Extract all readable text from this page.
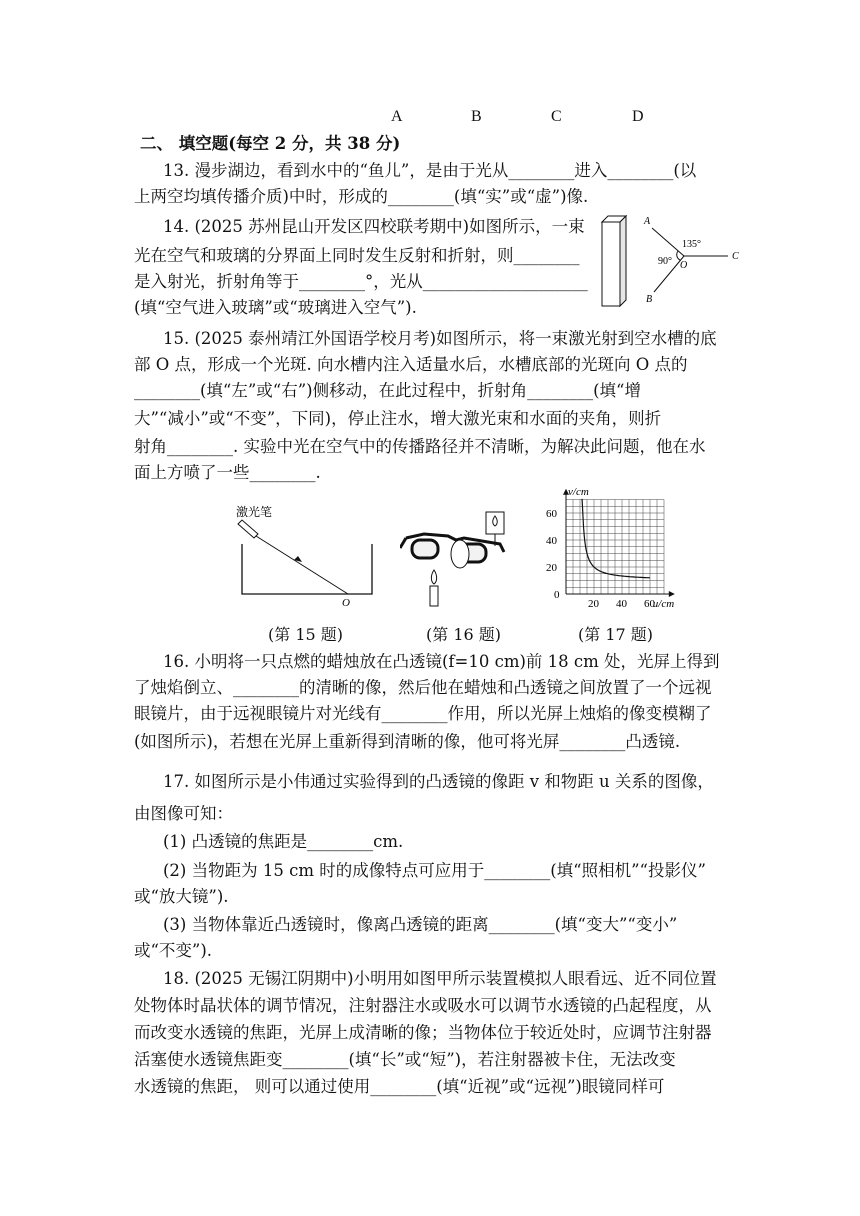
A	B	C	D
二、 填空题(每空 2 分，共 38 分)
13. 漫步湖边，看到水中的“鱼儿”，是由于光从________进入________(以
上两空均填传播介质)中时，形成的________(填“实”或“虚”)像.
14. (2025 苏州昆山开发区四校联考期中)如图所示，一束
光在空气和玻璃的分界面上同时发生反射和折射，则________
是入射光，折射角等于________°，光从____________________
(填“空气进入玻璃”或“玻璃进入空气”).
A
B
C
O
135°
90°
15. (2025 泰州靖江外国语学校月考)如图所示，将一束激光射到空水槽的底
部 O 点，形成一个光斑. 向水槽内注入适量水后，水槽底部的光斑向 O 点的
________(填“左”或“右”)侧移动，在此过程中，折射角________(填“增
大”“减小”或“不变”，下同)，停止注水，增大激光束和水面的夹角，则折
射角________. 实验中光在空气中的传播路径并不清晰，为解决此问题，他在水
面上方喷了一些________.
激光笔
O
v/cm
u/cm
0
60
40
20
20 40 60
(第 15 题)	(第 16 题)	(第 17 题)
16. 小明将一只点燃的蜡烛放在凸透镜(f=10 cm)前 18 cm 处，光屏上得到
了烛焰倒立、________的清晰的像，然后他在蜡烛和凸透镜之间放置了一个远视
眼镜片，由于远视眼镜片对光线有________作用，所以光屏上烛焰的像变模糊了
(如图所示)，若想在光屏上重新得到清晰的像，他可将光屏________凸透镜.
17. 如图所示是小伟通过实验得到的凸透镜的像距 v 和物距 u 关系的图像，
由图像可知：
(1) 凸透镜的焦距是________cm.
(2) 当物距为 15 cm 时的成像特点可应用于________(填“照相机”“投影仪”
或“放大镜”).
(3) 当物体靠近凸透镜时，像离凸透镜的距离________(填“变大”“变小”
或“不变”).
18. (2025 无锡江阴期中)小明用如图甲所示装置模拟人眼看远、近不同位置
处物体时晶状体的调节情况，注射器注水或吸水可以调节水透镜的凸起程度，从
而改变水透镜的焦距，光屏上成清晰的像；当物体位于较近处时，应调节注射器
活塞使水透镜焦距变________(填“长”或“短”)，若注射器被卡住，无法改变
水透镜的焦距， 则可以通过使用________(填“近视”或“远视”)眼镜同样可
